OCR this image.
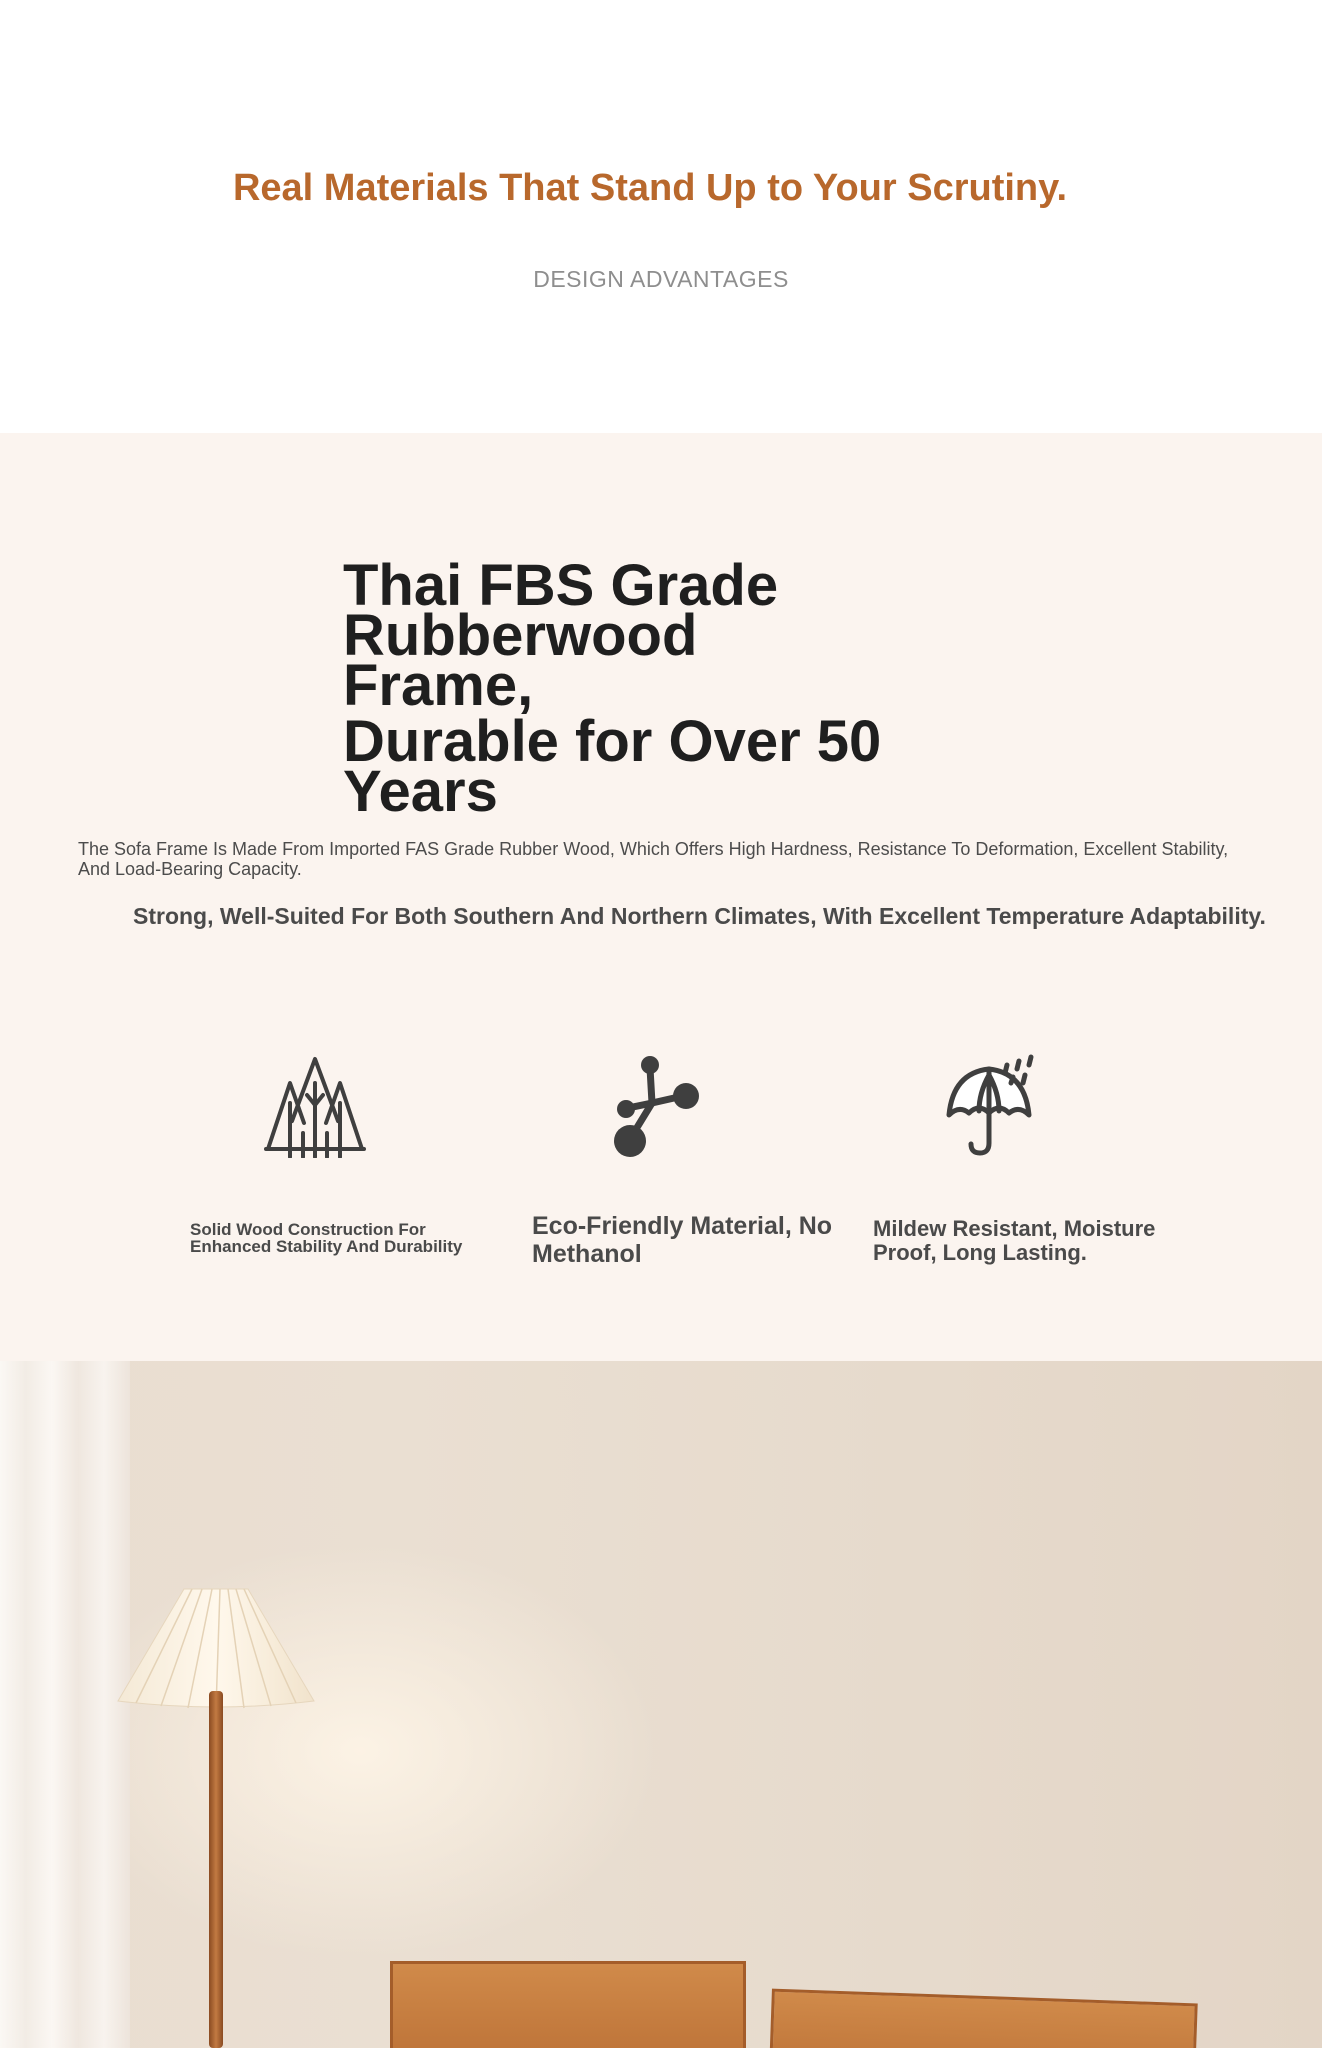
Real Materials That Stand Up to Your Scrutiny.
DESIGN ADVANTAGES
Thai FBS Grade
Rubberwood Frame,
Durable for Over 50
Years
The Sofa Frame Is Made From Imported FAS Grade Rubber Wood, Which Offers High Hardness, Resistance To Deformation, Excellent Stability, And Load-Bearing Capacity.
Strong, Well-Suited For Both Southern And Northern Climates, With Excellent Temperature Adaptability.
Solid Wood Construction For
Enhanced Stability And Durability
Eco-Friendly Material, No
Methanol
Mildew Resistant, Moisture
Proof, Long Lasting.
